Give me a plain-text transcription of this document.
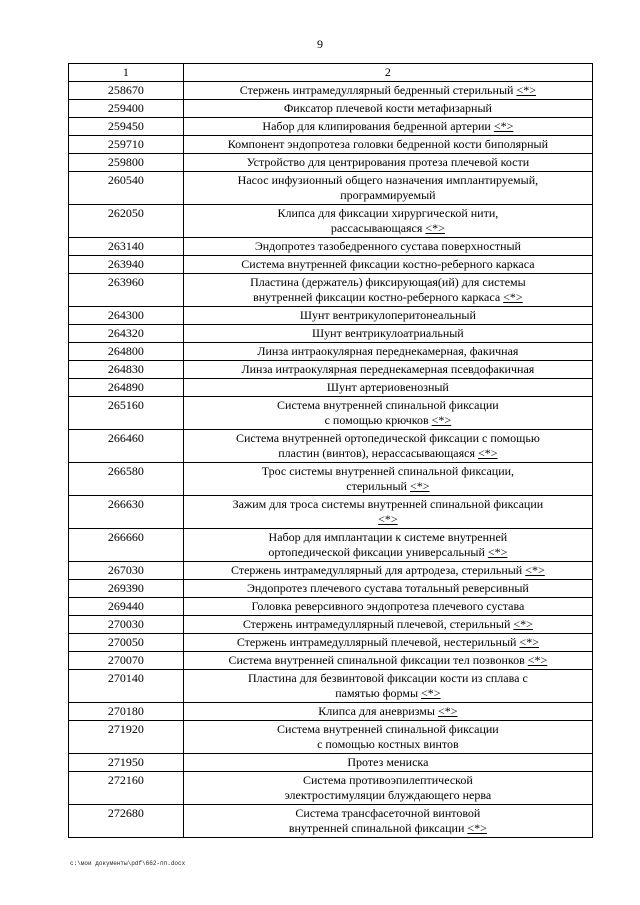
9
1	2
258670	Стержень интрамедуллярный бедренный стерильный <*>
259400	Фиксатор плечевой кости метафизарный
259450	Набор для клипирования бедренной артерии <*>
259710	Компонент эндопротеза головки бедренной кости биполярный
259800	Устройство для центрирования протеза плечевой кости
260540	Насос инфузионный общего назначения имплантируемый,
программируемый
262050	Клипса для фиксации хирургической нити,
рассасывающаяся <*>
263140	Эндопротез тазобедренного сустава поверхностный
263940	Система внутренней фиксации костно-реберного каркаса
263960	Пластина (держатель) фиксирующая(ий) для системы
внутренней фиксации костно-реберного каркаса <*>
264300	Шунт вентрикулоперитонеальный
264320	Шунт вентрикулоатриальный
264800	Линза интраокулярная переднекамерная, факичная
264830	Линза интраокулярная переднекамерная псевдофакичная
264890	Шунт артериовенозный
265160	Система внутренней спинальной фиксации
с помощью крючков <*>
266460	Система внутренней ортопедической фиксации с помощью
пластин (винтов), нерассасывающаяся <*>
266580	Трос системы внутренней спинальной фиксации,
стерильный <*>
266630	Зажим для троса системы внутренней спинальной фиксации
<*>
266660	Набор для имплантации к системе внутренней
ортопедической фиксации универсальный <*>
267030	Стержень интрамедуллярный для артродеза, стерильный <*>
269390	Эндопротез плечевого сустава тотальный реверсивный
269440	Головка реверсивного эндопротеза плечевого сустава
270030	Стержень интрамедуллярный плечевой, стерильный <*>
270050	Стержень интрамедуллярный плечевой, нестерильный <*>
270070	Система внутренней спинальной фиксации тел позвонков <*>
270140	Пластина для безвинтовой фиксации кости из сплава с
памятью формы <*>
270180	Клипса для аневризмы <*>
271920	Система внутренней спинальной фиксации
с помощью костных винтов
271950	Протез мениска
272160	Система противоэпилептической
электростимуляции блуждающего нерва
272680	Система трансфасеточной винтовой
внутренней спинальной фиксации <*>
c:\мои документы\pdf\662-пп.docx
